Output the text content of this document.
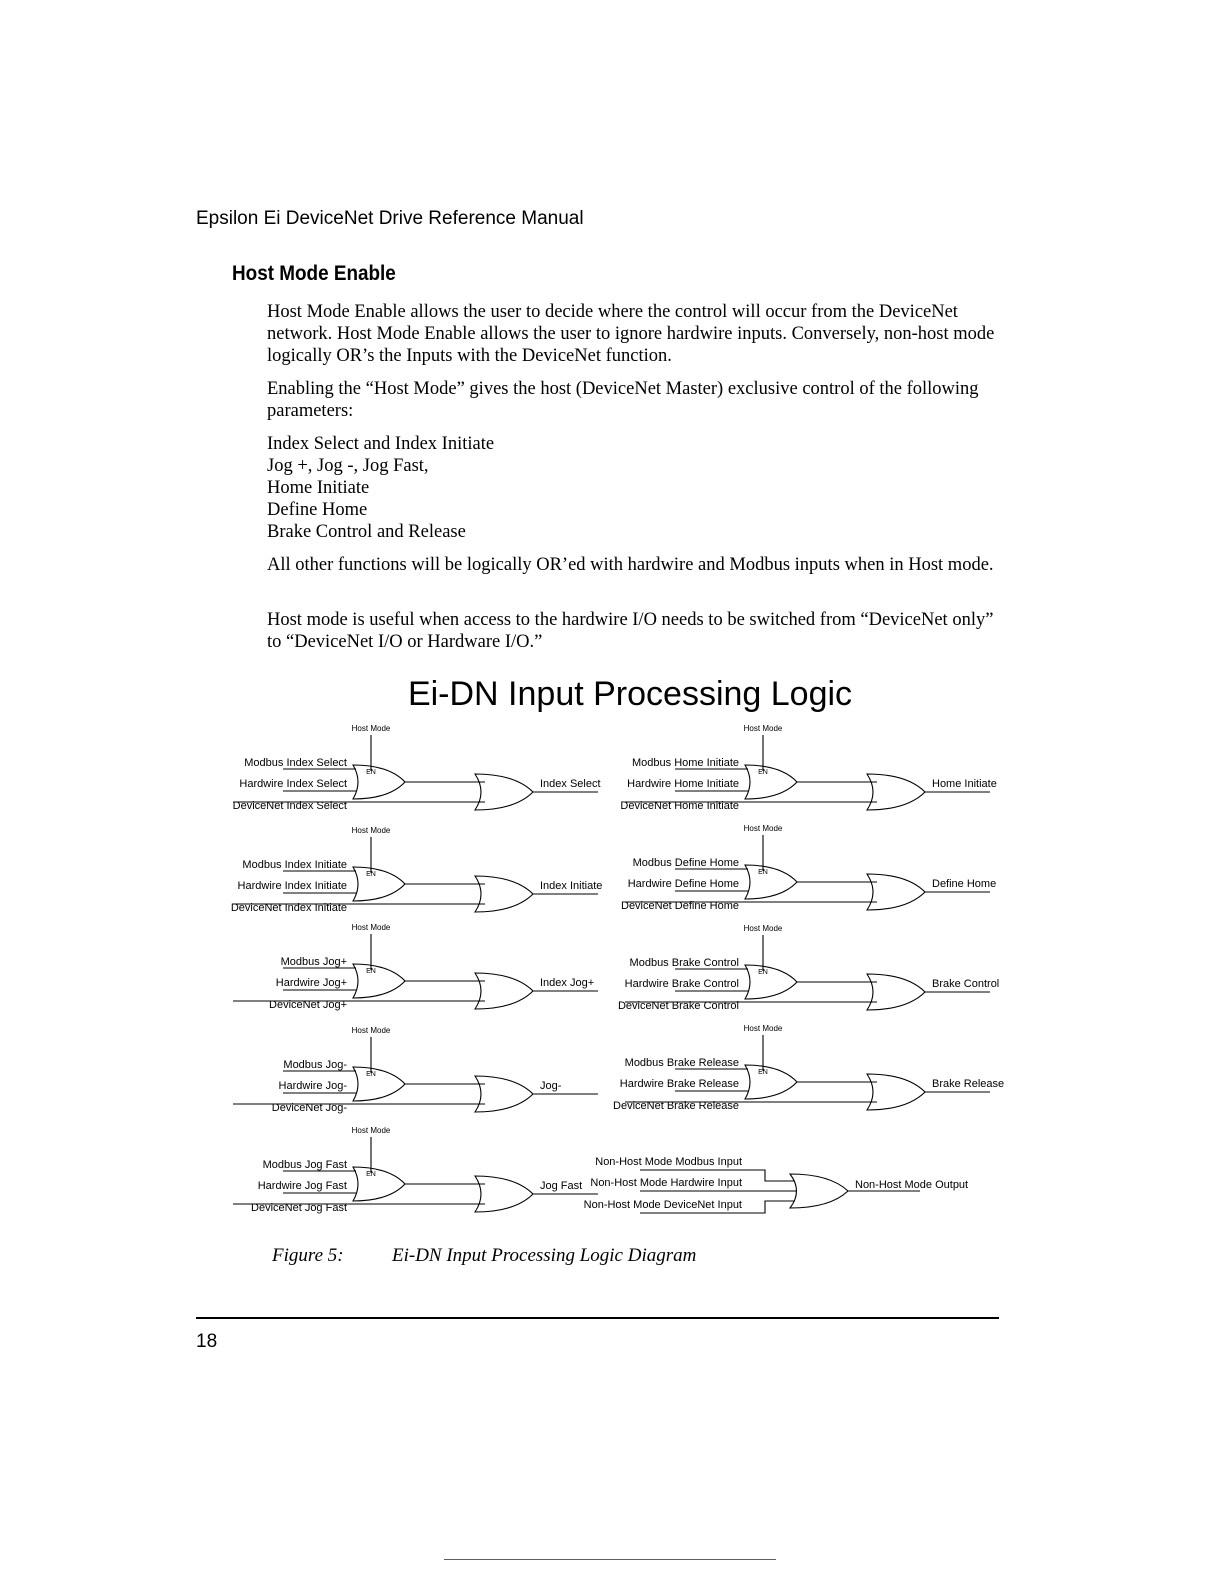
Epsilon Ei DeviceNet Drive Reference Manual
Host Mode Enable

Host Mode Enable allows the user to decide where the control will occur from the DeviceNet network. Host Mode Enable allows the user to ignore hardwire inputs. Conversely, non-host mode logically OR’s the Inputs with the DeviceNet function.

Enabling the “Host Mode” gives the host (DeviceNet Master) exclusive control of the following parameters:

Index Select and Index Initiate
Jog +, Jog -, Jog Fast,
Home Initiate
Define Home
Brake Control and Release

All other functions will be logically OR’ed with hardwire and Modbus inputs when in Host mode.

Host mode is useful when access to the hardwire I/O needs to be switched from “DeviceNet only” to “DeviceNet I/O or Hardware I/O.”

Ei-DN Input Processing Logic
Host Mode
EN
Modbus Index Select
Hardwire Index Select
DeviceNet Index Select
Index Select
Host Mode
EN
Modbus Index Initiate
Hardwire Index Initiate
DeviceNet Index Initiate
Index Initiate
Host Mode
EN
Modbus Jog+
Hardwire Jog+
DeviceNet Jog+
Index Jog+
Host Mode
EN
Modbus Jog-
Hardwire Jog-
DeviceNet Jog-
Jog-
Host Mode
EN
Modbus Jog Fast
Hardwire Jog Fast
DeviceNet Jog Fast
Jog Fast
Host Mode
EN
Modbus Home Initiate
Hardwire Home Initiate
DeviceNet Home Initiate
Home Initiate
Host Mode
EN
Modbus Define Home
Hardwire Define Home
DeviceNet Define Home
Define Home
Host Mode
EN
Modbus Brake Control
Hardwire Brake Control
DeviceNet Brake Control
Brake Control
Host Mode
EN
Modbus Brake Release
Hardwire Brake Release
DeviceNet Brake Release
Brake Release
Non-Host Mode Modbus Input
Non-Host Mode Hardwire Input
Non-Host Mode DeviceNet Input
Non-Host Mode Output
Figure 5:	Ei-DN Input Processing Logic Diagram
18
